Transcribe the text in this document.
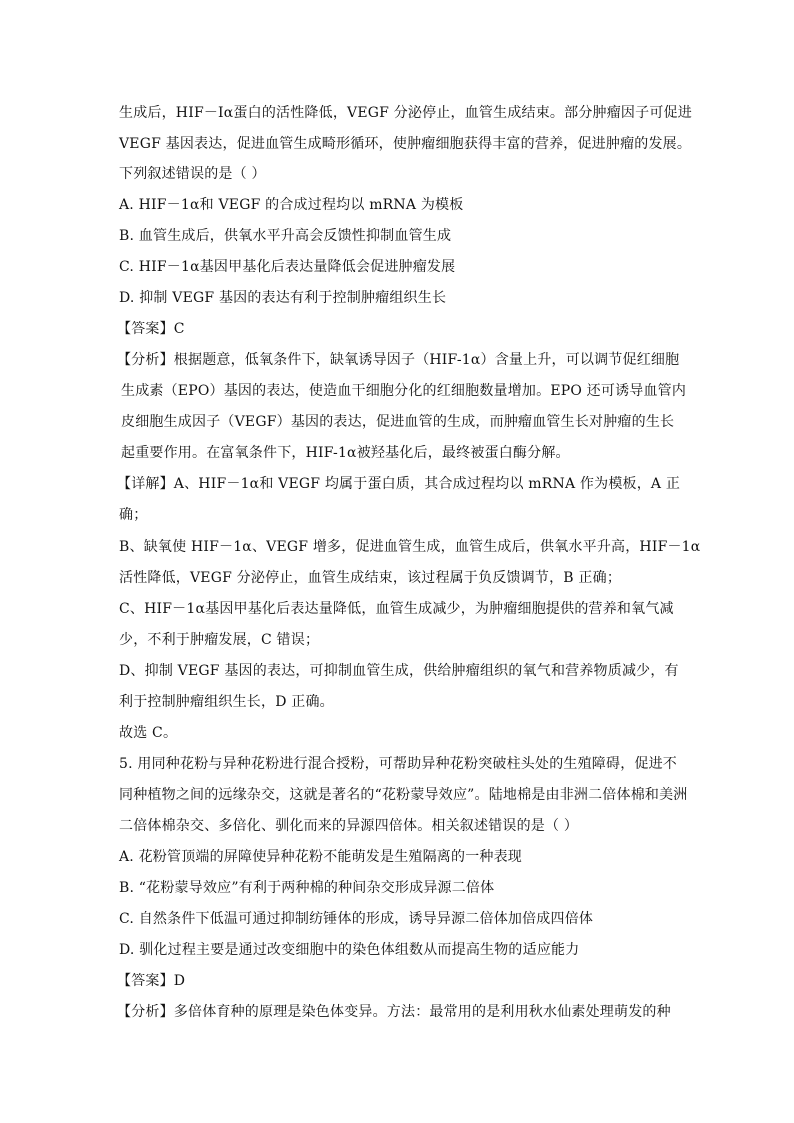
生成后，HIF－Iα蛋白的活性降低，VEGF 分泌停止，血管生成结束。部分肿瘤因子可促进
VEGF 基因表达，促进血管生成畸形循环，使肿瘤细胞获得丰富的营养，促进肿瘤的发展。
下列叙述错误的是（ ）
A. HIF－1α和 VEGF 的合成过程均以 mRNA 为模板
B. 血管生成后，供氧水平升高会反馈性抑制血管生成
C. HIF－1α基因甲基化后表达量降低会促进肿瘤发展
D. 抑制 VEGF 基因的表达有利于控制肿瘤组织生长
【答案】C
【分析】根据题意，低氧条件下，缺氧诱导因子（HIF-1α）含量上升，可以调节促红细胞
生成素（EPO）基因的表达，使造血干细胞分化的红细胞数量增加。EPO 还可诱导血管内
皮细胞生成因子（VEGF）基因的表达，促进血管的生成，而肿瘤血管生长对肿瘤的生长
起重要作用。在富氧条件下，HIF-1α被羟基化后，最终被蛋白酶分解。
【详解】A、HIF－1α和 VEGF 均属于蛋白质，其合成过程均以 mRNA 作为模板，A 正
确；
B、缺氧使 HIF－1α、VEGF 增多，促进血管生成，血管生成后，供氧水平升高，HIF－1α
活性降低，VEGF 分泌停止，血管生成结束，该过程属于负反馈调节，B 正确；
C、HIF－1α基因甲基化后表达量降低，血管生成减少，为肿瘤细胞提供的营养和氧气减
少，不利于肿瘤发展，C 错误；
D、抑制 VEGF 基因的表达，可抑制血管生成，供给肿瘤组织的氧气和营养物质减少，有
利于控制肿瘤组织生长，D 正确。
故选 C。
5. 用同种花粉与异种花粉进行混合授粉，可帮助异种花粉突破柱头处的生殖障碍，促进不
同种植物之间的远缘杂交，这就是著名的“花粉蒙导效应”。陆地棉是由非洲二倍体棉和美洲
二倍体棉杂交、多倍化、驯化而来的异源四倍体。相关叙述错误的是（ ）
A. 花粉管顶端的屏障使异种花粉不能萌发是生殖隔离的一种表现
B. “花粉蒙导效应”有利于两种棉的种间杂交形成异源二倍体
C. 自然条件下低温可通过抑制纺锤体的形成，诱导异源二倍体加倍成四倍体
D. 驯化过程主要是通过改变细胞中的染色体组数从而提高生物的适应能力
【答案】D
【分析】多倍体育种的原理是染色体变异。方法：最常用的是利用秋水仙素处理萌发的种
